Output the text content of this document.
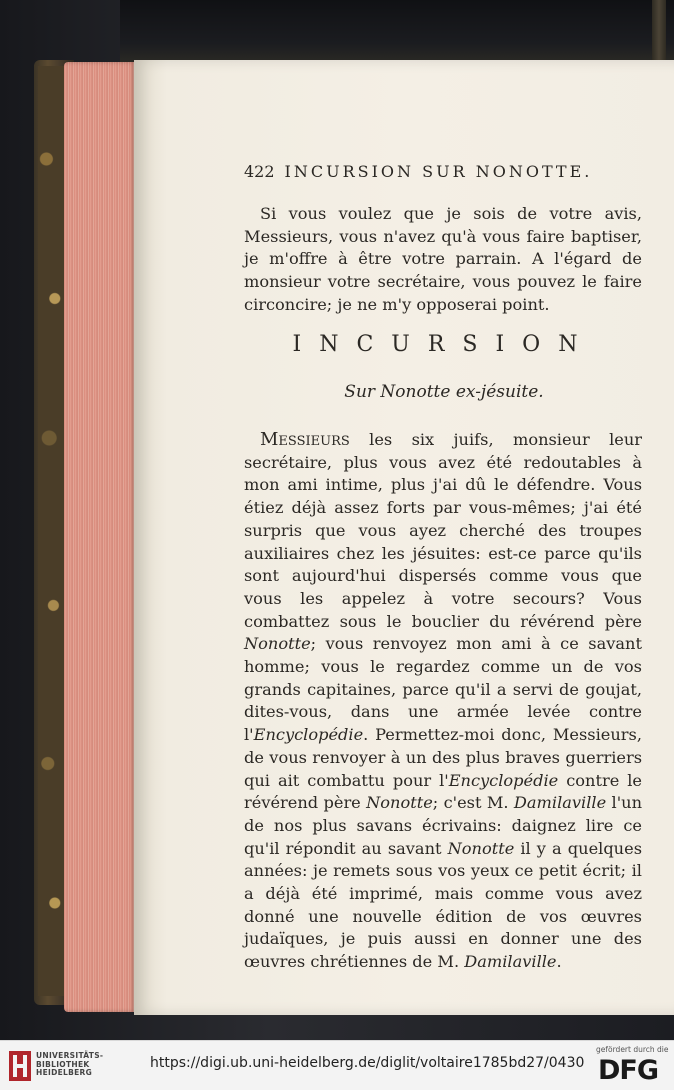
422 INCURSION SUR NONOTTE.
Si vous voulez que je sois de votre avis, Messieurs, vous n'avez qu'à vous faire baptiser, je m'offre à être votre parrain. A l'égard de monsieur votre secrétaire, vous pouvez le faire circoncire; je ne m'y opposerai point.
INCURSION
Sur Nonotte ex-jésuite.
Messieurs les six juifs, monsieur leur secrétaire, plus vous avez été redoutables à mon ami intime, plus j'ai dû le défendre. Vous étiez déjà assez forts par vous-mêmes; j'ai été surpris que vous ayez cherché des troupes auxiliaires chez les jésuites: est-ce parce qu'ils sont aujourd'hui dispersés comme vous que vous les appelez à votre secours? Vous combattez sous le bouclier du révérend père Nonotte; vous renvoyez mon ami à ce savant homme; vous le regardez comme un de vos grands capitaines, parce qu'il a servi de goujat, dites-vous, dans une armée levée contre l'Encyclopédie. Permettez-moi donc, Messieurs, de vous renvoyer à un des plus braves guerriers qui ait combattu pour l'Encyclopédie contre le révérend père Nonotte; c'est M. Damilaville l'un de nos plus savans écrivains: daignez lire ce qu'il répondit au savant Nonotte il y a quelques années: je remets sous vos yeux ce petit écrit; il a déjà été imprimé, mais comme vous avez donné une nouvelle édition de vos œuvres judaïques, je puis aussi en donner une des œuvres chrétiennes de M. Damilaville.
UNIVERSITÄTS-
BIBLIOTHEK
HEIDELBERG
https://digi.ub.uni-heidelberg.de/diglit/voltaire1785bd27/0430
gefördert durch die
DFG
